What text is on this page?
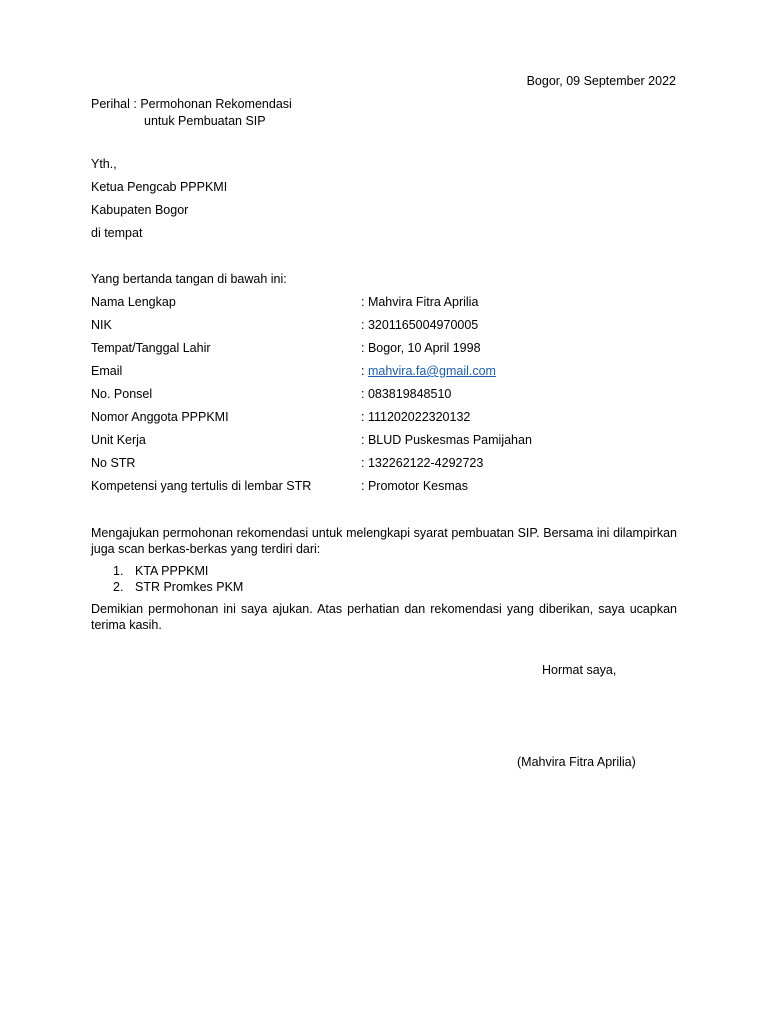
Bogor, 09 September 2022
Perihal : Permohonan Rekomendasi
untuk Pembuatan SIP
Yth.,
Ketua Pengcab PPPKMI
Kabupaten Bogor
di tempat
Yang bertanda tangan di bawah ini:
Nama Lengkap	: Mahvira Fitra Aprilia
NIK	: 3201165004970005
Tempat/Tanggal Lahir	: Bogor, 10 April 1998
Email	: mahvira.fa@gmail.com
No. Ponsel	: 083819848510
Nomor Anggota PPPKMI	: 111202022320132
Unit Kerja	: BLUD Puskesmas Pamijahan
No STR	: 132262122-4292723
Kompetensi yang tertulis di lembar STR	: Promotor Kesmas
Mengajukan permohonan rekomendasi untuk melengkapi syarat pembuatan SIP. Bersama ini dilampirkan juga scan berkas-berkas yang terdiri dari:
1. KTA PPPKMI
2. STR Promkes PKM
Demikian permohonan ini saya ajukan. Atas perhatian dan rekomendasi yang diberikan, saya ucapkan terima kasih.
Hormat saya,
(Mahvira Fitra Aprilia)
